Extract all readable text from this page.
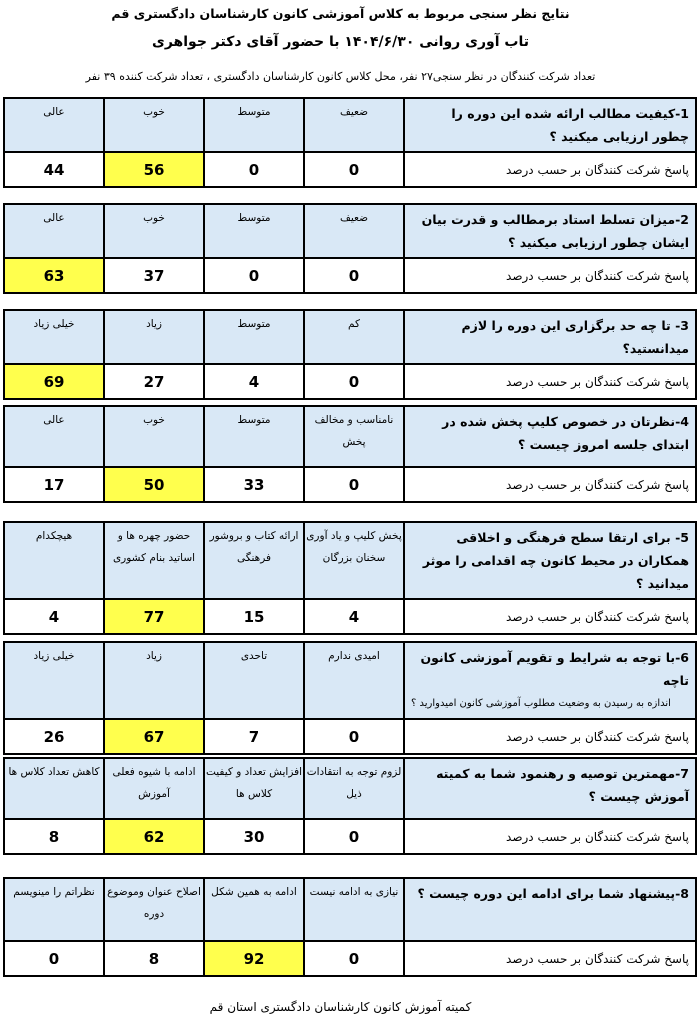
نتایج نظر سنجی مربوط به کلاس آموزشی کانون کارشناسان دادگستری قم
تاب آوری روانی ۱۴۰۴/۶/۳۰ با حضور آقای دکتر جواهری
تعداد شرکت کنندگان در نظر سنجی۲۷ نفر، محل کلاس کانون کارشناسان دادگستری ، تعداد شرکت کننده ۳۹ نفر
1-کیفیت مطالب ارائه شده این دوره را چطور ارزیابی میکنید ؟	ضعیف	متوسط	خوب	عالی
پاسخ شرکت کنندگان بر حسب درصد	0	0	56	44
2-میزان تسلط استاد برمطالب و قدرت بیان ایشان چطور ارزیابی میکنید ؟	ضعیف	متوسط	خوب	عالی
پاسخ شرکت کنندگان بر حسب درصد	0	0	37	63
3- تا چه حد برگزاری این دوره را لازم میدانستید؟	کم	متوسط	زیاد	خیلی زیاد
پاسخ شرکت کنندگان بر حسب درصد	0	4	27	69
4-نظرتان در خصوص کلیپ پخش شده در ابتدای جلسه امروز چیست ؟	نامناسب و مخالف پخش	متوسط	خوب	عالی
پاسخ شرکت کنندگان بر حسب درصد	0	33	50	17
5- برای ارتقا سطح فرهنگی و اخلاقی همکاران در محیط کانون چه اقدامی را موثر میدانید ؟	پخش کلیپ و یاد آوری سخنان بزرگان	ارائه کتاب و بروشور فرهنگی	حضور چهره ها و اساتید بنام کشوری	هیچکدام
پاسخ شرکت کنندگان بر حسب درصد	4	15	77	4
6-با توجه به شرایط و تقویم آموزشی کانون تاچه
اندازه به رسیدن به وضعیت مطلوب آموزشی کانون امیدوارید ؟	امیدی ندارم	تاحدی	زیاد	خیلی زیاد
پاسخ شرکت کنندگان بر حسب درصد	0	7	67	26
7-مهمترین توصیه و رهنمود شما به کمیته آموزش چیست ؟	لزوم توجه به انتقادات ذیل	افزایش تعداد و کیفیت کلاس ها	ادامه با شیوه فعلی آموزش	کاهش تعداد کلاس ها
پاسخ شرکت کنندگان بر حسب درصد	0	30	62	8
8-پیشنهاد شما برای ادامه این دوره چیست ؟	نیازی به ادامه نیست	ادامه به همین شکل	اصلاح عنوان وموضوع دوره	نظراتم را مینویسم
پاسخ شرکت کنندگان بر حسب درصد	0	92	8	0
کمیته آموزش کانون کارشناسان دادگستری استان قم
